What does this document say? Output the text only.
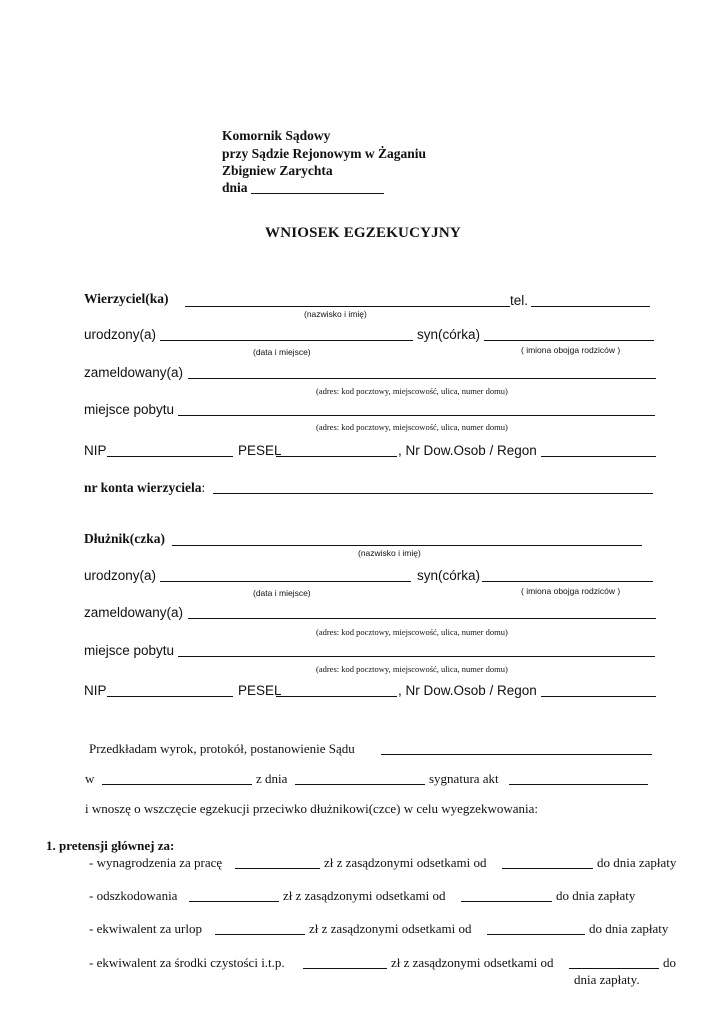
Komornik Sądowy
przy Sądzie Rejonowym w Żaganiu
Zbigniew Zarychta
dnia
WNIOSEK EGZEKUCYJNY
Wierzyciel(ka)	tel.
(nazwisko i imię)
urodzony(a)	syn(córka)
(data i miejsce)	( imiona obojga rodziców )
zameldowany(a)
(adres: kod pocztowy, miejscowość, ulica, numer domu)
miejsce pobytu
(adres: kod pocztowy, miejscowość, ulica, numer domu)
NIP	PESEL	, Nr Dow.Osob / Regon
nr konta wierzyciela:
Dłużnik(czka)
(nazwisko i imię)
urodzony(a)	syn(córka)
(data i miejsce)	( imiona obojga rodziców )
zameldowany(a)
(adres: kod pocztowy, miejscowość, ulica, numer domu)
miejsce pobytu
(adres: kod pocztowy, miejscowość, ulica, numer domu)
NIP	PESEL	, Nr Dow.Osob / Regon
Przedkładam wyrok, protokół, postanowienie Sądu
w	z dnia	sygnatura akt
i wnoszę o wszczęcie egzekucji przeciwko dłużnikowi(czce) w celu wyegzekwowania:
1. pretensji głównej za:
- wynagrodzenia za pracę	zł z zasądzonymi odsetkami od	do dnia zapłaty
- odszkodowania	zł z zasądzonymi odsetkami od	do dnia zapłaty
- ekwiwalent za urlop	zł z zasądzonymi odsetkami od	do dnia zapłaty
- ekwiwalent za środki czystości i.t.p.	zł z zasądzonymi odsetkami od	do
dnia zapłaty.
